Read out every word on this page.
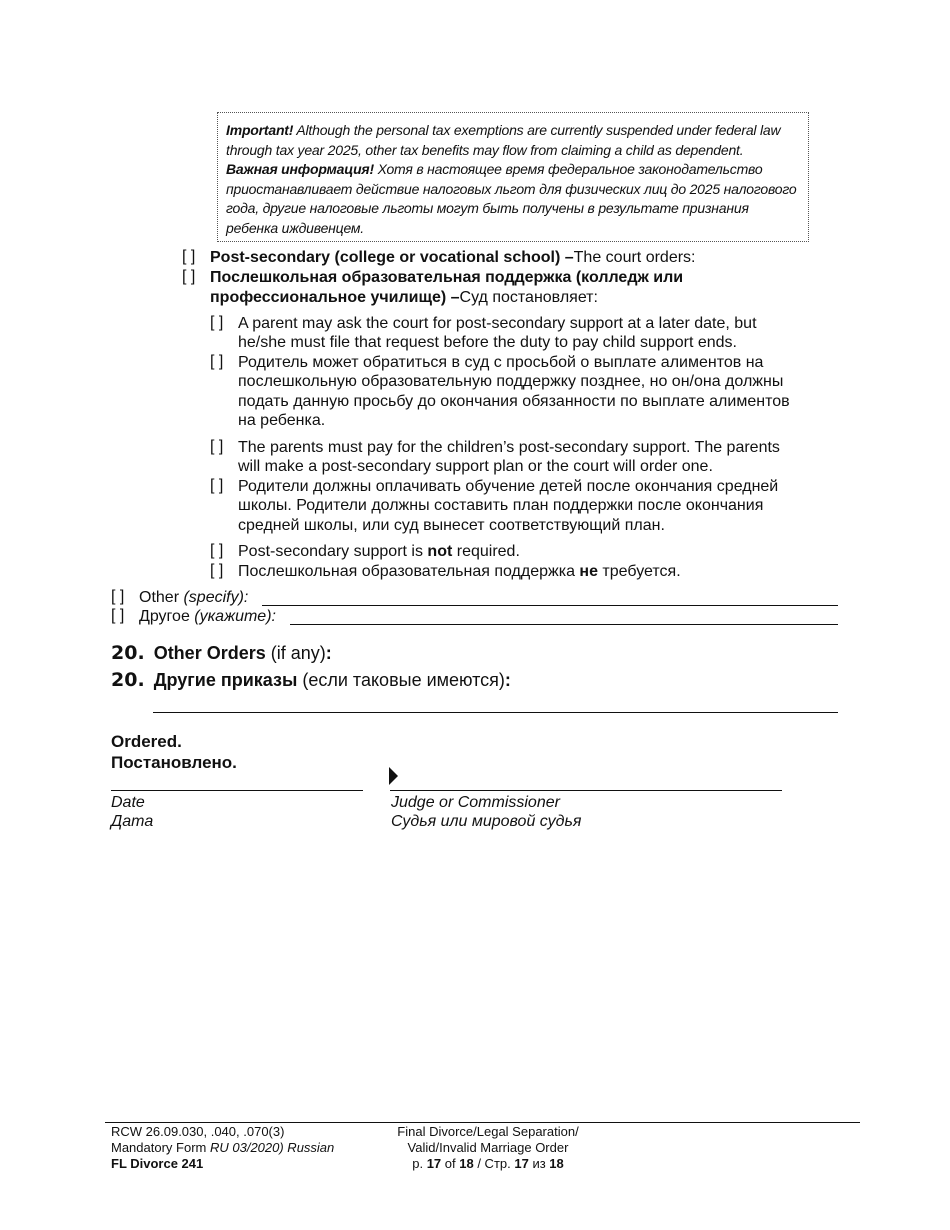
Important! Although the personal tax exemptions are currently suspended under federal law through tax year 2025, other tax benefits may flow from claiming a child as dependent.
Важная информация! Хотя в настоящее время федеральное законодательство приостанавливает действие налоговых льгот для физических лиц до 2025 налогового года, другие налоговые льготы могут быть получены в результате признания ребенка иждивенцем.
[ ] Post-secondary (college or vocational school) –The court orders:
[ ] Послешкольная образовательная поддержка (колледж или
профессиональное училище) –Суд постановляет:
[ ] A parent may ask the court for post-secondary support at a later date, but
he/she must file that request before the duty to pay child support ends.
[ ] Родитель может обратиться в суд с просьбой о выплате алиментов на
послешкольную образовательную поддержку позднее, но он/она должны
подать данную просьбу до окончания обязанности по выплате алиментов
на ребенка.
[ ] The parents must pay for the children’s post-secondary support. The parents
will make a post-secondary support plan or the court will order one.
[ ] Родители должны оплачивать обучение детей после окончания средней
школы. Родители должны составить план поддержки после окончания
средней школы, или суд вынесет соответствующий план.
[ ] Post-secondary support is not required.
[ ] Послешкольная образовательная поддержка не требуется.
[ ] Other (specify):
[ ] Другое (укажите):
20. Other Orders (if any):
20. Другие приказы (если таковые имеются):
Ordered.
Постановлено.
Date
Дата
Judge or Commissioner
Судья или мировой судья
RCW 26.09.030, .040, .070(3)
Mandatory Form RU 03/2020) Russian
FL Divorce 241
Final Divorce/Legal Separation/
Valid/Invalid Marriage Order
p. 17 of 18 / Стр. 17 из 18
